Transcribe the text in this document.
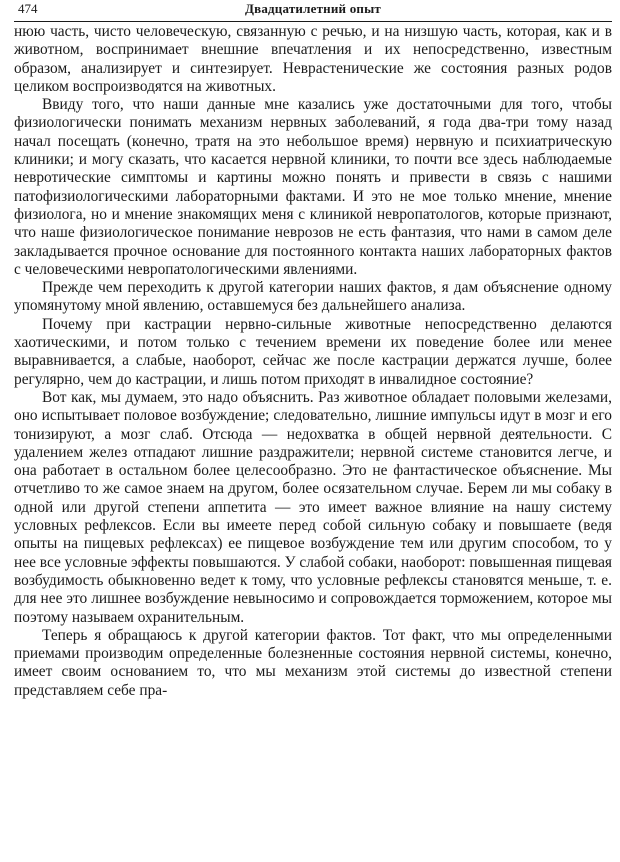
474	Двадцатилетний опыт

нюю часть, чисто человеческую, связанную с речью, и на низшую часть, которая, как и в животном, воспринимает внешние впечатления и их непосредственно, известным образом, анализирует и синтезирует. Неврастенические же состояния разных родов целиком воспроизводятся на животных.

Ввиду того, что наши данные мне казались уже достаточными для того, чтобы физиологически понимать механизм нервных заболеваний, я года два-три тому назад начал посещать (конечно, тратя на это небольшое время) нервную и психиатрическую клиники; и могу сказать, что касается нервной клиники, то почти все здесь наблюдаемые невротические симптомы и картины можно понять и привести в связь с нашими патофизиологическими лабораторными фактами. И это не мое только мнение, мнение физиолога, но и мнение знакомящих меня с клиникой невропатологов, которые признают, что наше физиологическое понимание неврозов не есть фантазия, что нами в самом деле закладывается прочное основание для постоянного контакта наших лабораторных фактов с человеческими невропатологическими явлениями.

Прежде чем переходить к другой категории наших фактов, я дам объяснение одному упомянутому мной явлению, оставшемуся без дальнейшего анализа.

Почему при кастрации нервно-сильные животные непосредственно делаются хаотическими, и потом только с течением времени их поведение более или менее выравнивается, а слабые, наоборот, сейчас же после кастрации держатся лучше, более регулярно, чем до кастрации, и лишь потом приходят в инвалидное состояние?

Вот как, мы думаем, это надо объяснить. Раз животное обладает половыми железами, оно испытывает половое возбуждение; следовательно, лишние импульсы идут в мозг и его тонизируют, а мозг слаб. Отсюда — недохватка в общей нервной деятельности. С удалением желез отпадают лишние раздражители; нервной системе становится легче, и она работает в остальном более целесообразно. Это не фантастическое объяснение. Мы отчетливо то же самое знаем на другом, более осязательном случае. Берем ли мы собаку в одной или другой степени аппетита — это имеет важное влияние на нашу систему условных рефлексов. Если вы имеете перед собой сильную собаку и повышаете (ведя опыты на пищевых рефлексах) ее пищевое возбуждение тем или другим способом, то у нее все условные эффекты повышаются. У слабой собаки, наоборот: повышенная пищевая возбудимость обыкновенно ведет к тому, что условные рефлексы становятся меньше, т. е. для нее это лишнее возбуждение невыносимо и сопровождается торможением, которое мы поэтому называем охранительным.

Теперь я обращаюсь к другой категории фактов. Тот факт, что мы определенными приемами производим определенные болезненные состояния нервной системы, конечно, имеет своим основанием то, что мы механизм этой системы до известной степени представляем себе пра-
